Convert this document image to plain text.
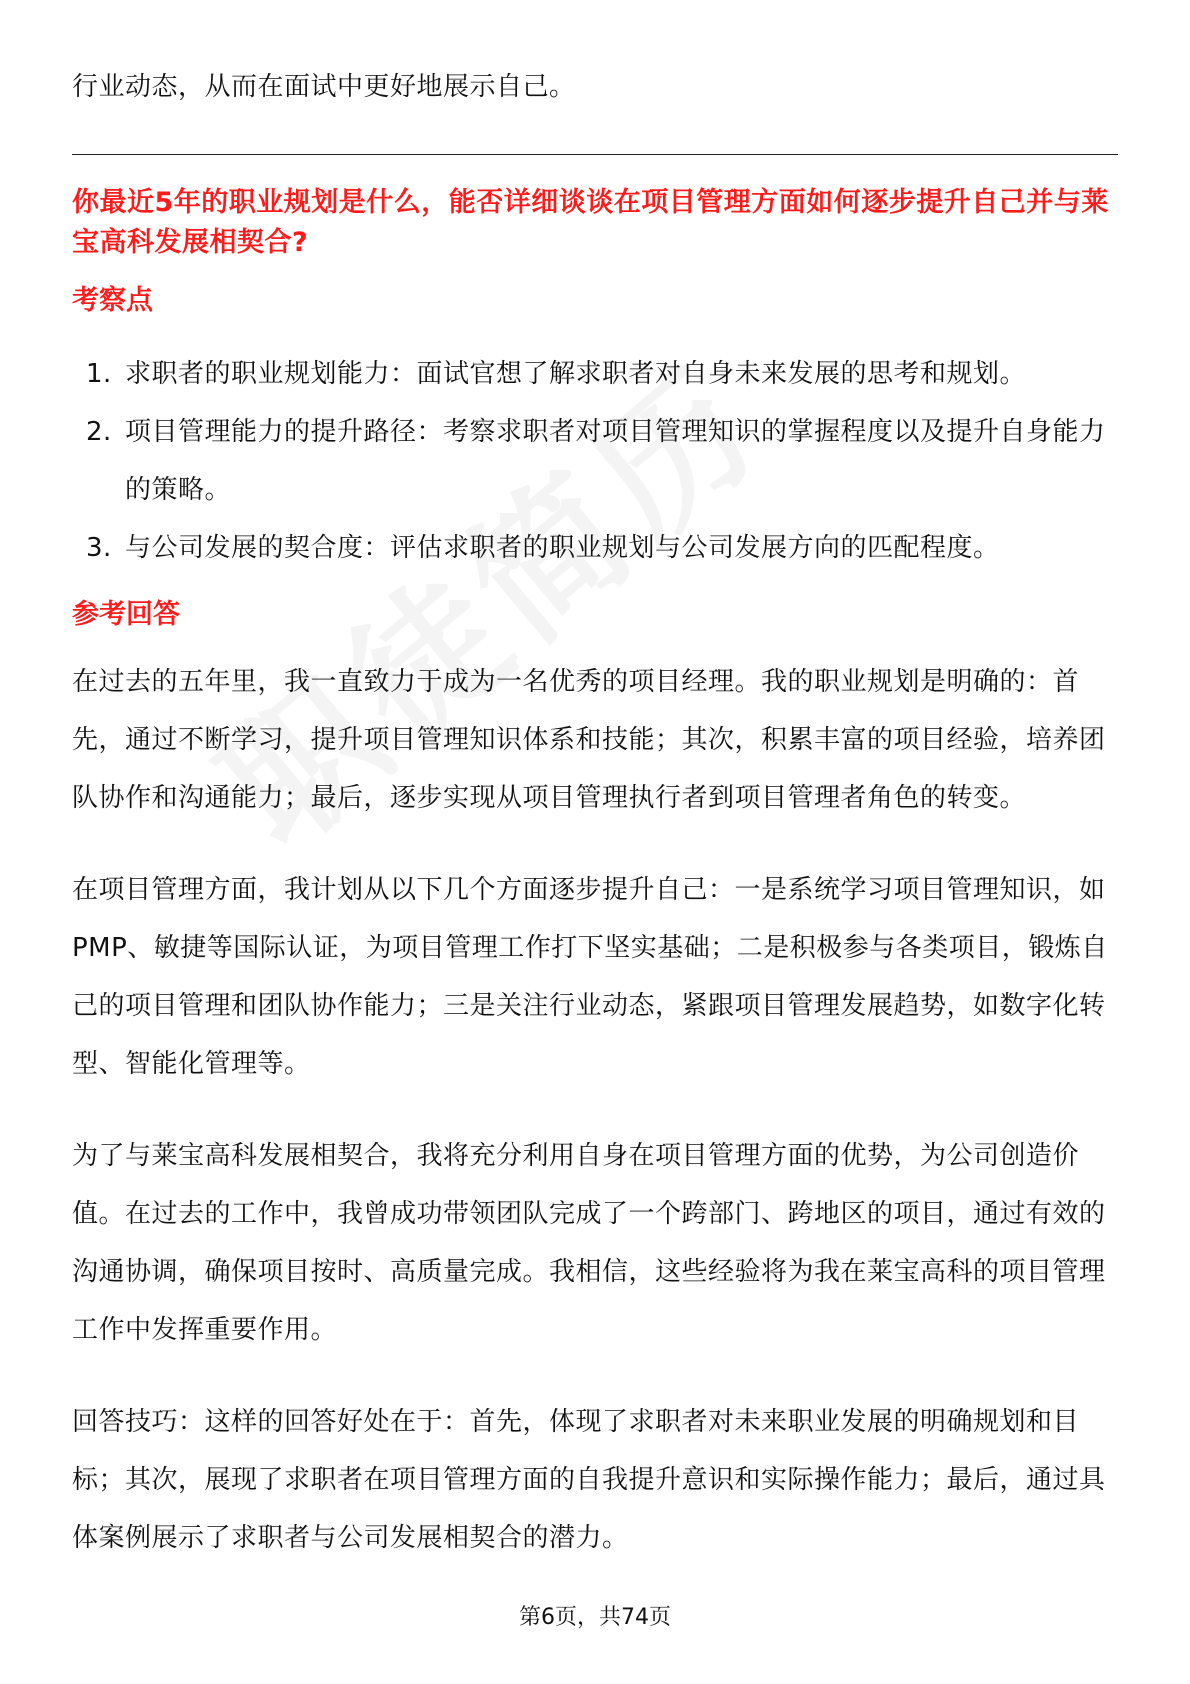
行业动态，从而在面试中更好地展示自己。

你最近5年的职业规划是什么，能否详细谈谈在项目管理方面如何逐步提升自己并与莱宝高科发展相契合?
考察点
1. 求职者的职业规划能力：面试官想了解求职者对自身未来发展的思考和规划。
2. 项目管理能力的提升路径：考察求职者对项目管理知识的掌握程度以及提升自身能力的策略。
3. 与公司发展的契合度：评估求职者的职业规划与公司发展方向的匹配程度。
参考回答

在过去的五年里，我一直致力于成为一名优秀的项目经理。我的职业规划是明确的：首先，通过不断学习，提升项目管理知识体系和技能；其次，积累丰富的项目经验，培养团队协作和沟通能力；最后，逐步实现从项目管理执行者到项目管理者角色的转变。

在项目管理方面，我计划从以下几个方面逐步提升自己：一是系统学习项目管理知识，如PMP、敏捷等国际认证，为项目管理工作打下坚实基础；二是积极参与各类项目，锻炼自己的项目管理和团队协作能力；三是关注行业动态，紧跟项目管理发展趋势，如数字化转型、智能化管理等。

为了与莱宝高科发展相契合，我将充分利用自身在项目管理方面的优势，为公司创造价值。在过去的工作中，我曾成功带领团队完成了一个跨部门、跨地区的项目，通过有效的沟通协调，确保项目按时、高质量完成。我相信，这些经验将为我在莱宝高科的项目管理工作中发挥重要作用。

回答技巧：这样的回答好处在于：首先，体现了求职者对未来职业发展的明确规划和目标；其次，展现了求职者在项目管理方面的自我提升意识和实际操作能力；最后，通过具体案例展示了求职者与公司发展相契合的潜力。

第6页，共74页
